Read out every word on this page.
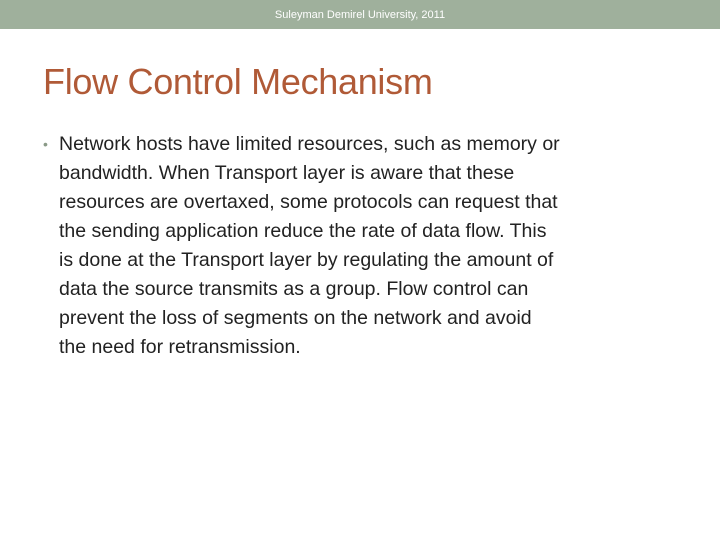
Suleyman Demirel University, 2011
Flow Control Mechanism
• Network hosts have limited resources, such as memory or
bandwidth. When Transport layer is aware that these
resources are overtaxed, some protocols can request that
the sending application reduce the rate of data flow. This
is done at the Transport layer by regulating the amount of
data the source transmits as a group. Flow control can
prevent the loss of segments on the network and avoid
the need for retransmission.
